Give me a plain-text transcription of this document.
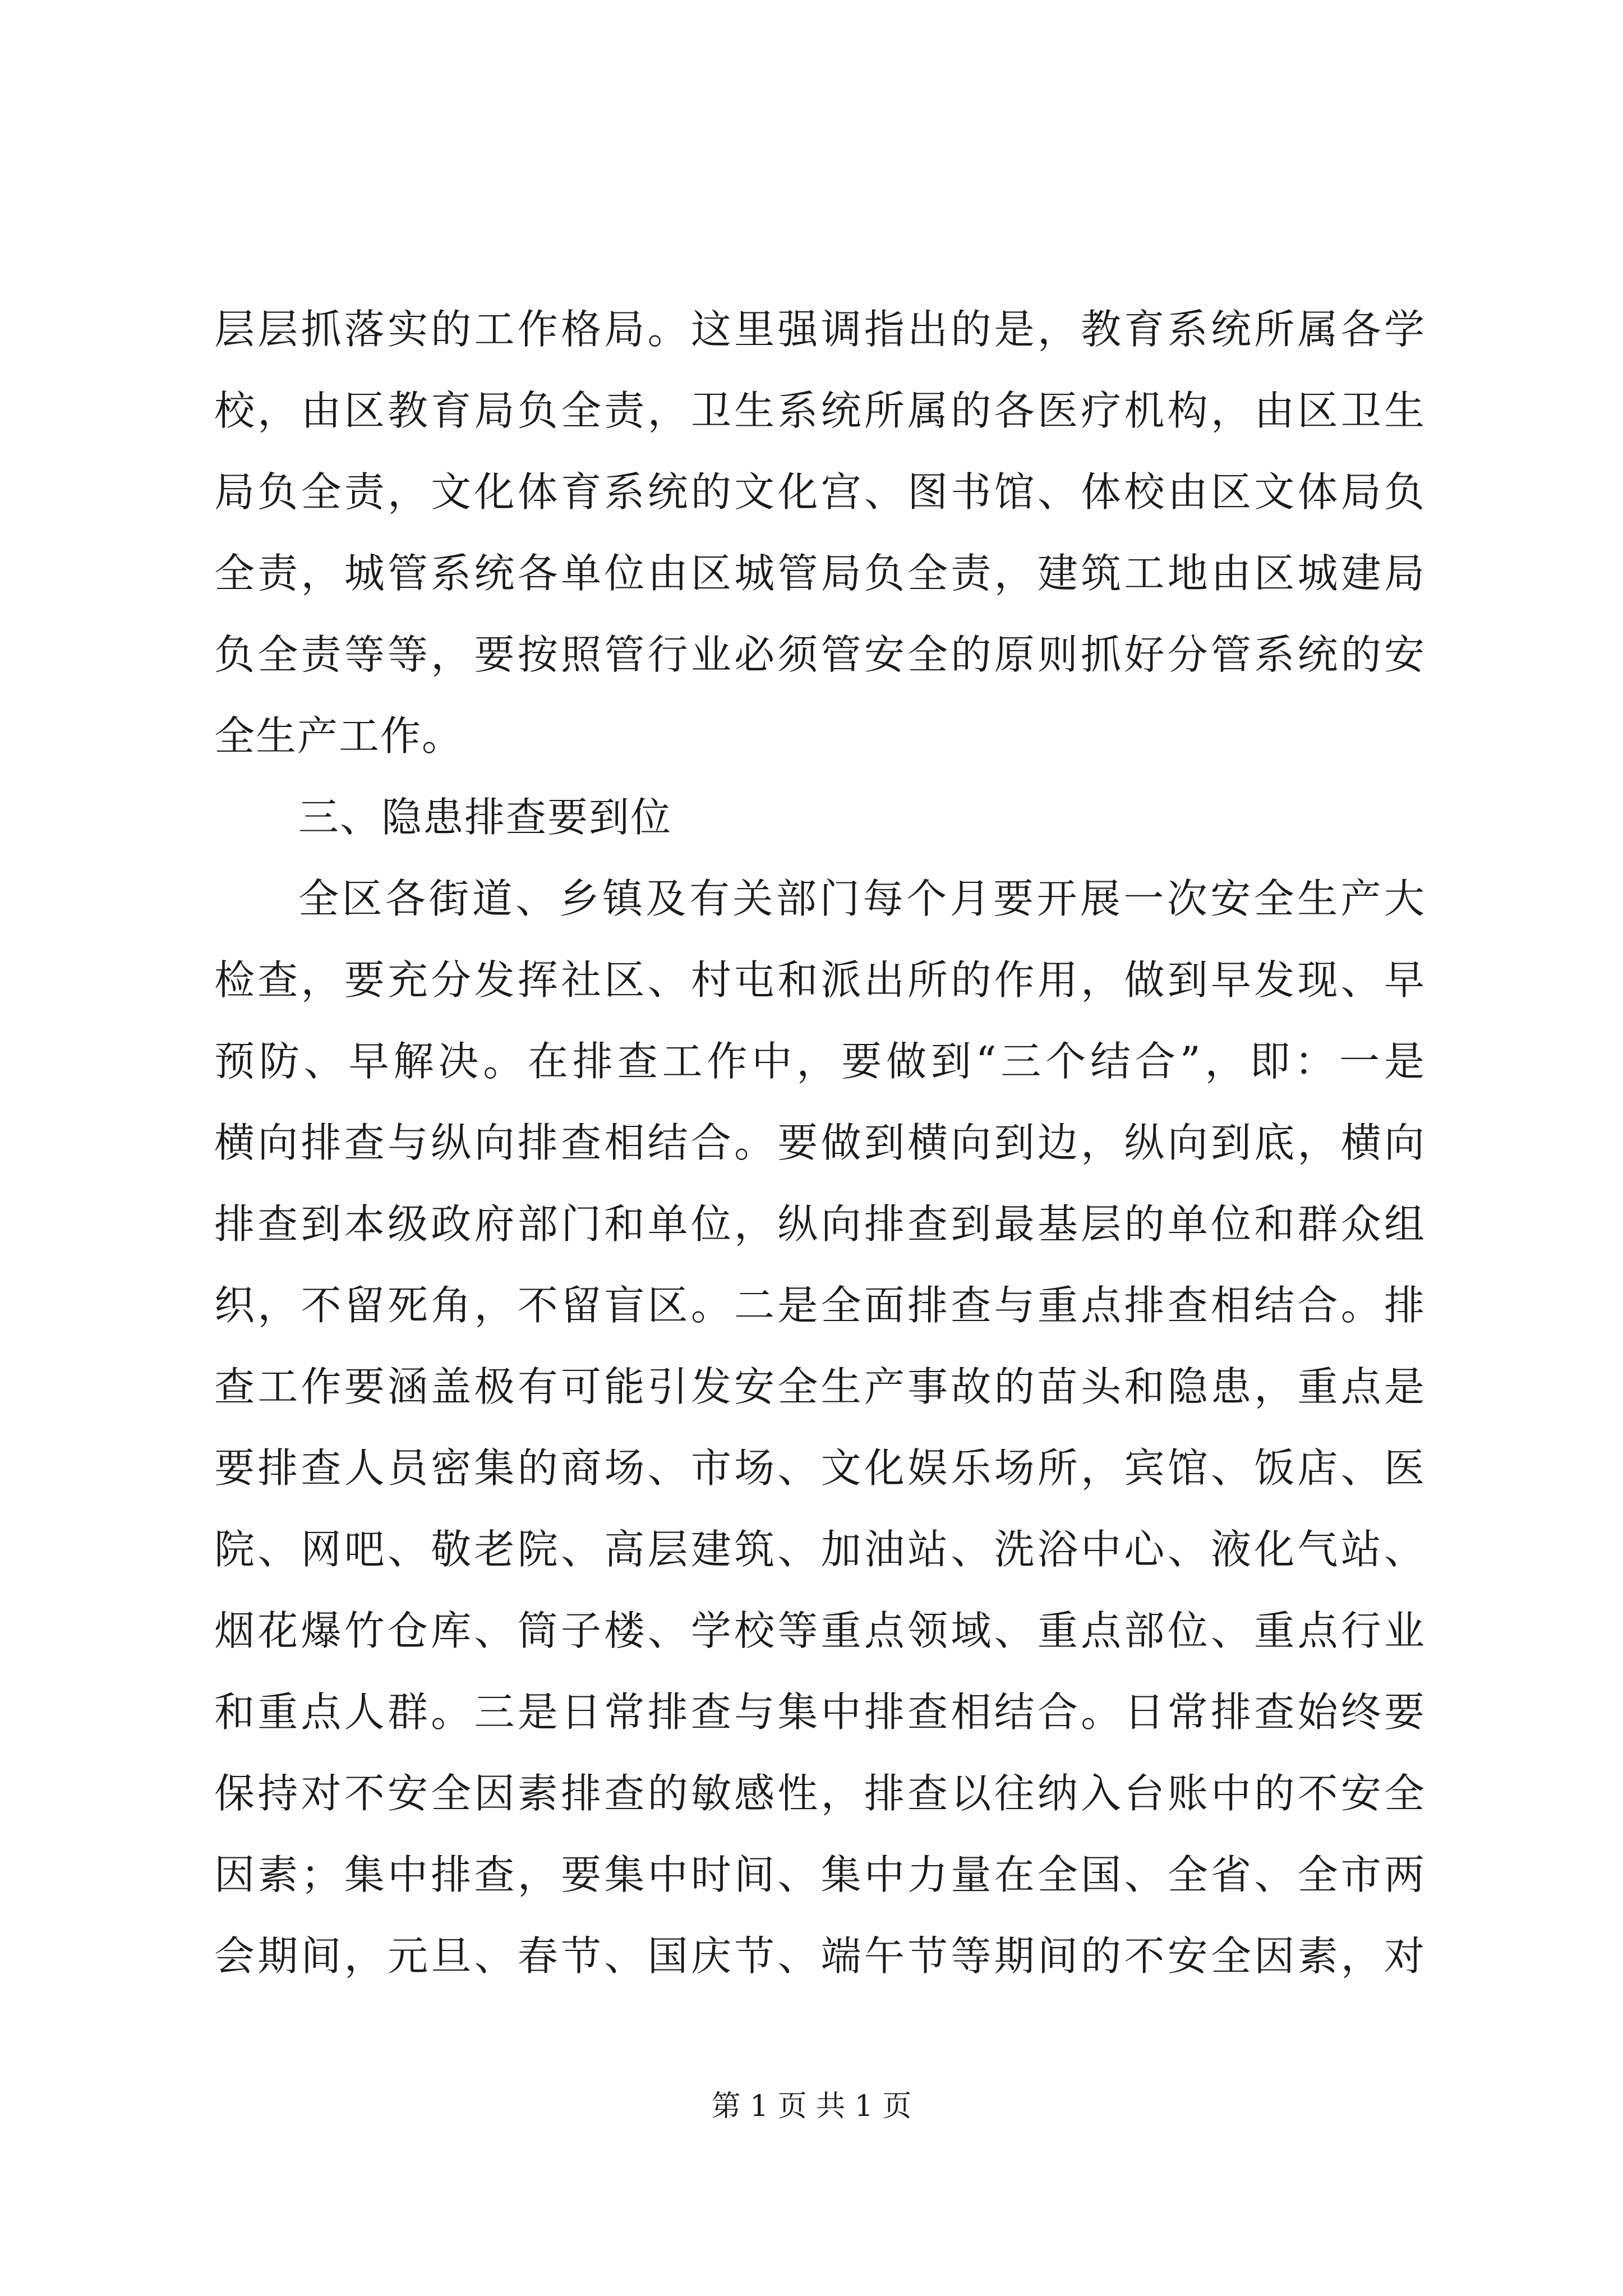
层层抓落实的工作格局。这里强调指出的是，教育系统所属各学
校，由区教育局负全责，卫生系统所属的各医疗机构，由区卫生
局负全责，文化体育系统的文化宫、图书馆、体校由区文体局负
全责，城管系统各单位由区城管局负全责，建筑工地由区城建局
负全责等等，要按照管行业必须管安全的原则抓好分管系统的安
全生产工作。
三、隐患排查要到位
全区各街道、乡镇及有关部门每个月要开展一次安全生产大
检查，要充分发挥社区、村屯和派出所的作用，做到早发现、早
预防、早解决。在排查工作中，要做到“三个结合”，即：一是
横向排查与纵向排查相结合。要做到横向到边，纵向到底，横向
排查到本级政府部门和单位，纵向排查到最基层的单位和群众组
织，不留死角，不留盲区。二是全面排查与重点排查相结合。排
查工作要涵盖极有可能引发安全生产事故的苗头和隐患，重点是
要排查人员密集的商场、市场、文化娱乐场所，宾馆、饭店、医
院、网吧、敬老院、高层建筑、加油站、洗浴中心、液化气站、
烟花爆竹仓库、筒子楼、学校等重点领域、重点部位、重点行业
和重点人群。三是日常排查与集中排查相结合。日常排查始终要
保持对不安全因素排查的敏感性，排查以往纳入台账中的不安全
因素；集中排查，要集中时间、集中力量在全国、全省、全市两
会期间，元旦、春节、国庆节、端午节等期间的不安全因素，对
第 1 页 共 1 页
